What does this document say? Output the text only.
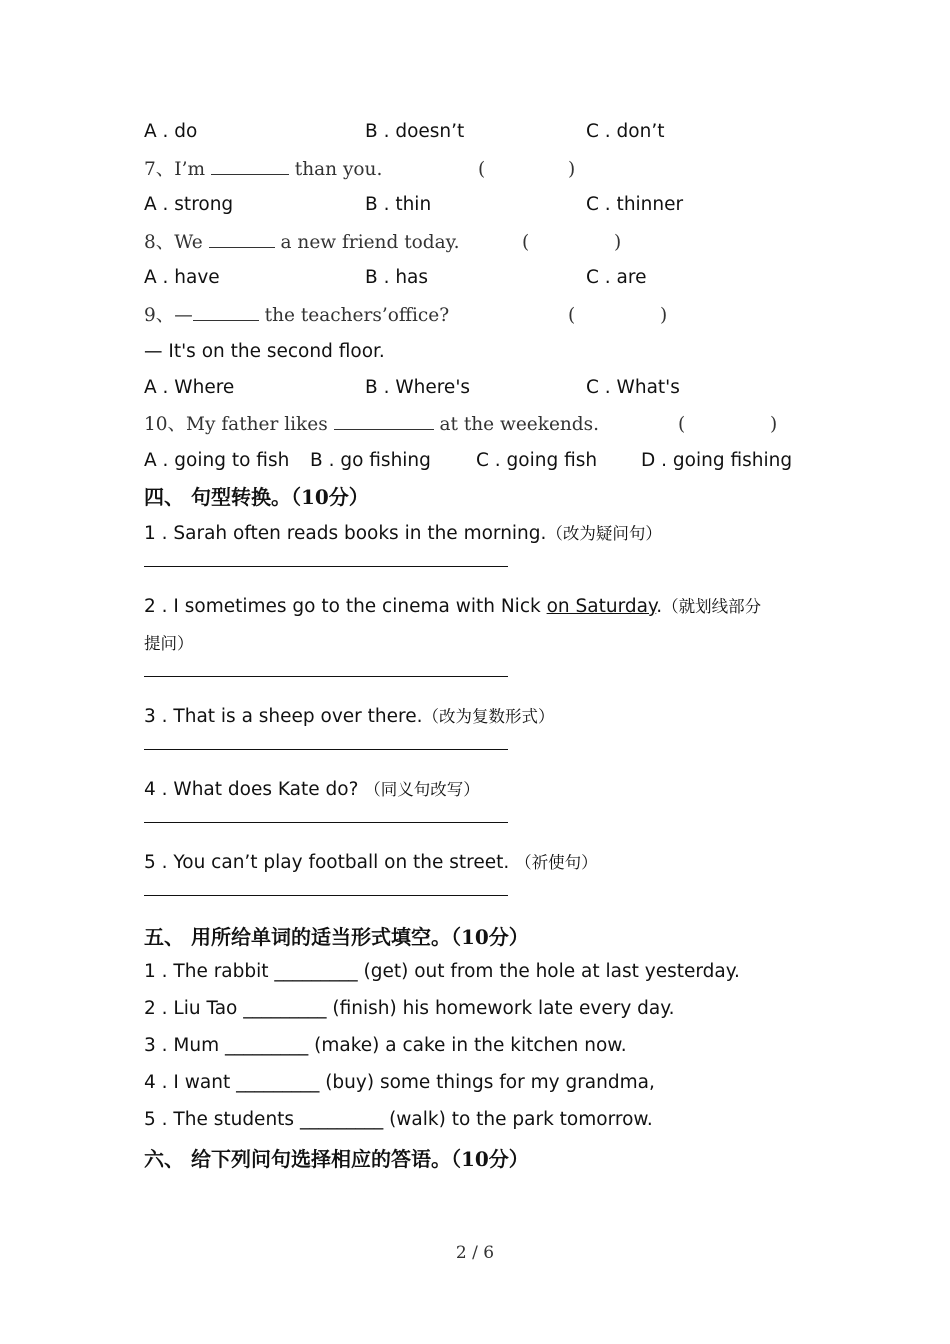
A . do	B . doesn’t	C . don’t
7、I’m	than you.	(	)
A . strong	B . thin	C . thinner
8、We	a new friend today.	(	)
A . have	B . has	C . are
9、—	the teachers’office?	(	)
— It's on the second floor.
A . Where	B . Where's	C . What's
10、My father likes	at the weekends.	(	)
A . going to fish B . go fishing C . going fish D . going fishing
四、 句型转换。（10分）
1 . Sarah often reads books in the morning.（改为疑问句）
2 . I sometimes go to the cinema with Nick on Saturday.（就划线部分
提问）
3 . That is a sheep over there.（改为复数形式）
4 . What does Kate do? （同义句改写）
5 . You can’t play football on the street. （祈使句）
五、 用所给单词的适当形式填空。（10分）
1 . The rabbit _________ (get) out from the hole at last yesterday.
2 . Liu Tao _________ (finish) his homework late every day.
3 . Mum _________ (make) a cake in the kitchen now.
4 . I want _________ (buy) some things for my grandma,
5 . The students _________ (walk) to the park tomorrow.
六、 给下列问句选择相应的答语。（10分）
2 / 6
